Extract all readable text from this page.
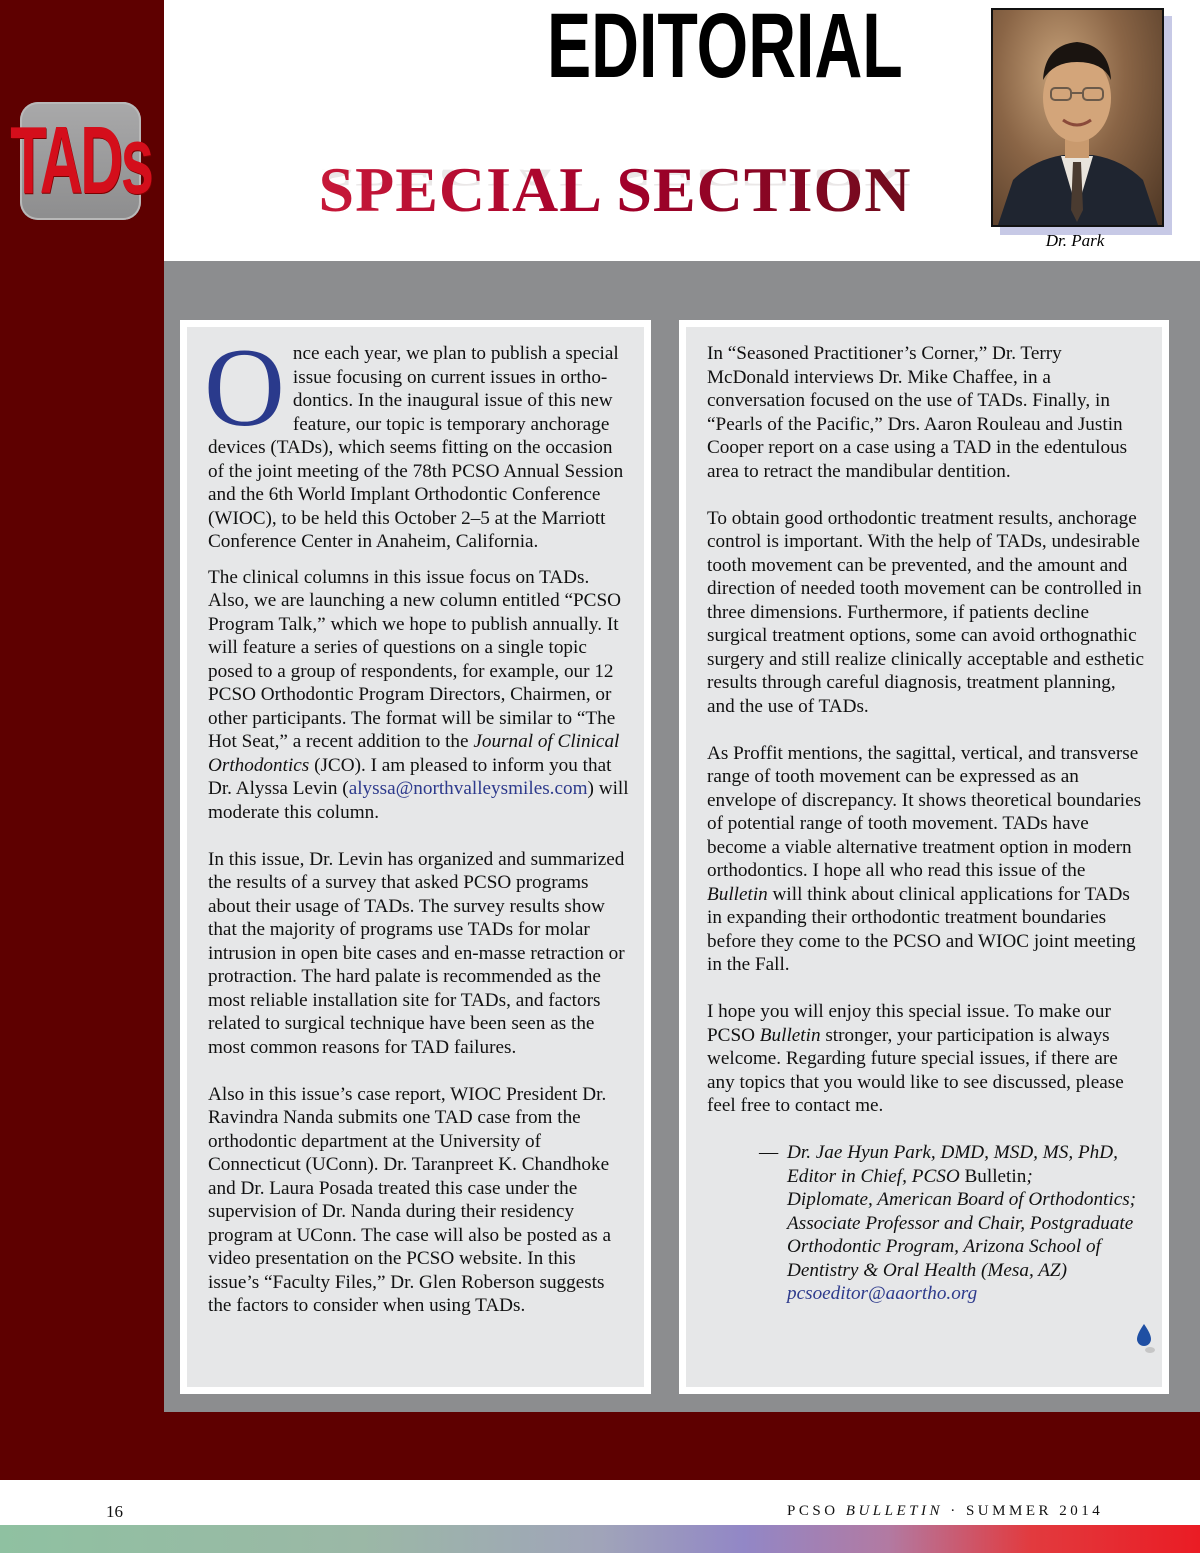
TADs
EDITORIAL
SPECIAL SECTION
Dr. Park

Once each year, we plan to publish a special issue focusing on current issues in orthodontics. In the inaugural issue of this new feature, our topic is temporary anchorage devices (TADs), which seems fitting on the occasion of the joint meeting of the 78th PCSO Annual Session and the 6th World Implant Orthodontic Conference (WIOC), to be held this October 2–5 at the Marriott Conference Center in Anaheim, California.

The clinical columns in this issue focus on TADs. Also, we are launching a new column entitled “PCSO Program Talk,” which we hope to publish annually. It will feature a series of questions on a single topic posed to a group of respondents, for example, our 12 PCSO Orthodontic Program Directors, Chairmen, or other participants. The format will be similar to “The Hot Seat,” a recent addition to the Journal of Clinical Orthodontics (JCO). I am pleased to inform you that Dr. Alyssa Levin (alyssa@northvalleysmiles.com) will moderate this column.

In this issue, Dr. Levin has organized and summarized the results of a survey that asked PCSO programs about their usage of TADs. The survey results show that the majority of programs use TADs for molar intrusion in open bite cases and en-masse retraction or protraction. The hard palate is recommended as the most reliable installation site for TADs, and factors related to surgical technique have been seen as the most common reasons for TAD failures.

Also in this issue’s case report, WIOC President Dr. Ravindra Nanda submits one TAD case from the orthodontic department at the University of Connecticut (UConn). Dr. Taranpreet K. Chandhoke and Dr. Laura Posada treated this case under the supervision of Dr. Nanda during their residency program at UConn. The case will also be posted as a video presentation on the PCSO website. In this issue’s “Faculty Files,” Dr. Glen Roberson suggests the factors to consider when using TADs.

In “Seasoned Practitioner’s Corner,” Dr. Terry McDonald interviews Dr. Mike Chaffee, in a conversation focused on the use of TADs. Finally, in “Pearls of the Pacific,” Drs. Aaron Rouleau and Justin Cooper report on a case using a TAD in the edentulous area to retract the mandibular dentition.

To obtain good orthodontic treatment results, anchorage control is important. With the help of TADs, undesirable tooth movement can be prevented, and the amount and direction of needed tooth movement can be controlled in three dimensions. Furthermore, if patients decline surgical treatment options, some can avoid orthognathic surgery and still realize clinically acceptable and esthetic results through careful diagnosis, treatment planning, and the use of TADs.

As Proffit mentions, the sagittal, vertical, and transverse range of tooth movement can be expressed as an envelope of discrepancy. It shows theoretical boundaries of potential range of tooth movement. TADs have become a viable alternative treatment option in modern orthodontics. I hope all who read this issue of the Bulletin will think about clinical applications for TADs in expanding their orthodontic treatment boundaries before they come to the PCSO and WIOC joint meeting in the Fall.

I hope you will enjoy this special issue. To make our PCSO Bulletin stronger, your participation is always welcome. Regarding future special issues, if there are any topics that you would like to see discussed, please feel free to contact me.

— Dr. Jae Hyun Park, DMD, MSD, MS, PhD,
Editor in Chief, PCSO Bulletin;
Diplomate, American Board of Orthodontics;
Associate Professor and Chair, Postgraduate Orthodontic Program, Arizona School of Dentistry & Oral Health (Mesa, AZ)
pcsoeditor@aaortho.org
16	PCSO BULLETIN · SUMMER 2014
